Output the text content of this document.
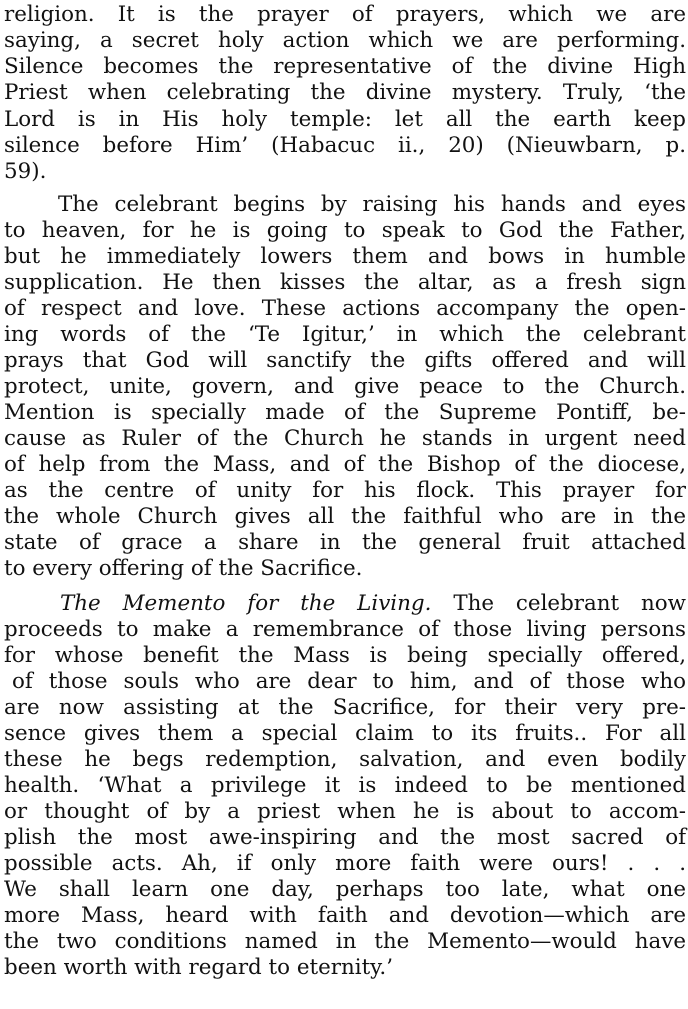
religion. It is the prayer of prayers, which we are
saying, a secret holy action which we are performing.
Silence becomes the representative of the divine High
Priest when celebrating the divine mystery. Truly, ‘the
Lord is in His holy temple: let all the earth keep
silence before Him’ (Habacuc ii., 20) (Nieuwbarn, p.
59).
The celebrant begins by raising his hands and eyes
to heaven, for he is going to speak to God the Father,
but he immediately lowers them and bows in humble
supplication. He then kisses the altar, as a fresh sign
of respect and love. These actions accompany the open-
ing words of the ‘Te Igitur,’ in which the celebrant
prays that God will sanctify the gifts offered and will
protect, unite, govern, and give peace to the Church.
Mention is specially made of the Supreme Pontiff, be-
cause as Ruler of the Church he stands in urgent need
of help from the Mass, and of the Bishop of the diocese,
as the centre of unity for his flock. This prayer for
the whole Church gives all the faithful who are in the
state of grace a share in the general fruit attached
to every offering of the Sacrifice.
The Memento for the Living. The celebrant now
proceeds to make a remembrance of those living persons
for whose benefit the Mass is being specially offered,
of those souls who are dear to him, and of those who
are now assisting at the Sacrifice, for their very pre-
sence gives them a special claim to its fruits.. For all
these he begs redemption, salvation, and even bodily
health. ‘What a privilege it is indeed to be mentioned
or thought of by a priest when he is about to accom-
plish the most awe-inspiring and the most sacred of
possible acts. Ah, if only more faith were ours! . . .
We shall learn one day, perhaps too late, what one
more Mass, heard with faith and devotion—which are
the two conditions named in the Memento—would have
been worth with regard to eternity.’
